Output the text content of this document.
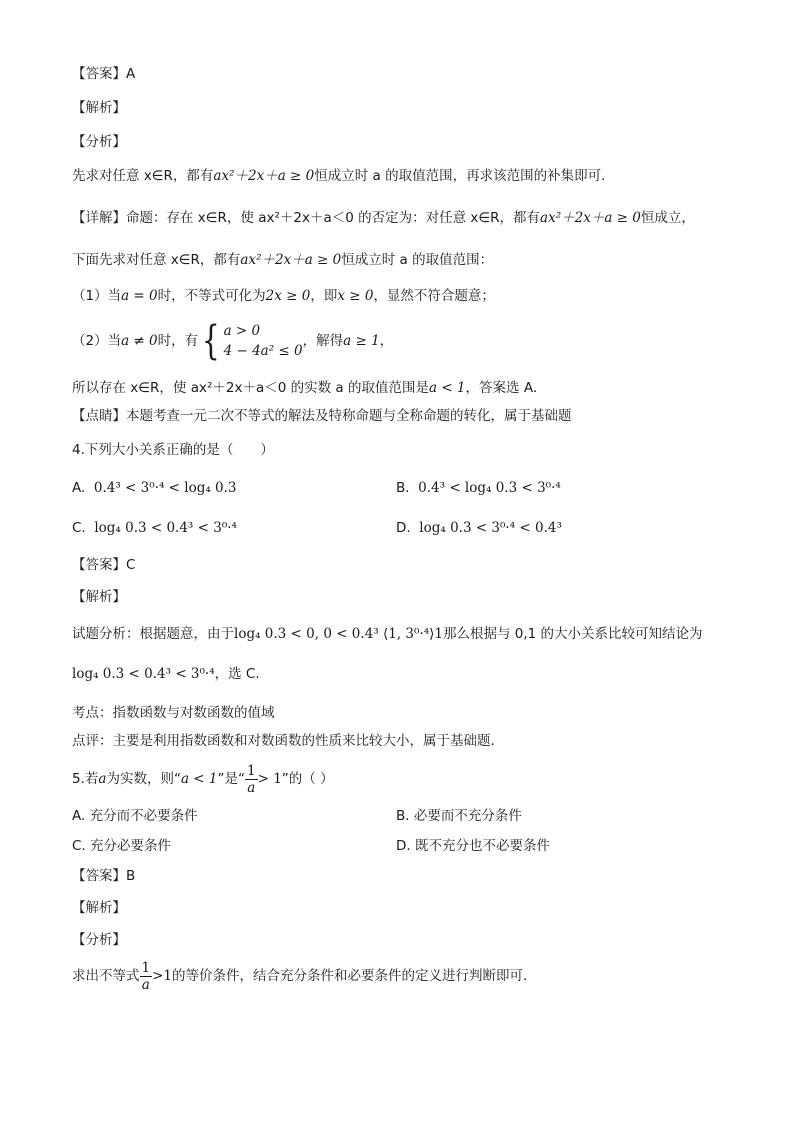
【答案】A
【解析】
【分析】
先求对任意 x∈R，都有ax²＋2x＋a ≥ 0恒成立时 a 的取值范围，再求该范围的补集即可．
【详解】命题：存在 x∈R，使 ax²＋2x＋a＜0 的否定为：对任意 x∈R，都有ax²＋2x＋a ≥ 0恒成立，
下面先求对任意 x∈R，都有ax²＋2x＋a ≥ 0恒成立时 a 的取值范围：
（1）当a = 0时，不等式可化为2x ≥ 0，即x ≥ 0，显然不符合题意；
（2）当a ≠ 0时，有{ a > 0
4 − 4a² ≤ 0
，解得a ≥ 1，
所以存在 x∈R，使 ax²＋2x＋a＜0 的实数 a 的取值范围是a < 1，答案选 A．
【点睛】本题考查一元二次不等式的解法及特称命题与全称命题的转化，属于基础题
4.下列大小关系正确的是（　　）
A. 0.4³ < 3⁰·⁴ < log₄ 0.3	B. 0.4³ < log₄ 0.3 < 3⁰·⁴
C. log₄ 0.3 < 0.4³ < 3⁰·⁴	D. log₄ 0.3 < 3⁰·⁴ < 0.4³
【答案】C
【解析】
试题分析：根据题意，由于log₄ 0.3 < 0, 0 < 0.4³ ⟨1, 3⁰·⁴⟩1那么根据与 0,1 的大小关系比较可知结论为
log₄ 0.3 < 0.4³ < 3⁰·⁴，选 C.
考点：指数函数与对数函数的值域
点评：主要是利用指数函数和对数函数的性质来比较大小，属于基础题．
5.若a为实数，则“a < 1”是“ $\frac{1}{a} > 1$”的（ ）
A. 充分而不必要条件	B. 必要而不充分条件
C. 充分必要条件	D. 既不充分也不必要条件
【答案】B
【解析】
【分析】
求出不等式 $\frac{1}{a} >1$的等价条件，结合充分条件和必要条件的定义进行判断即可．
